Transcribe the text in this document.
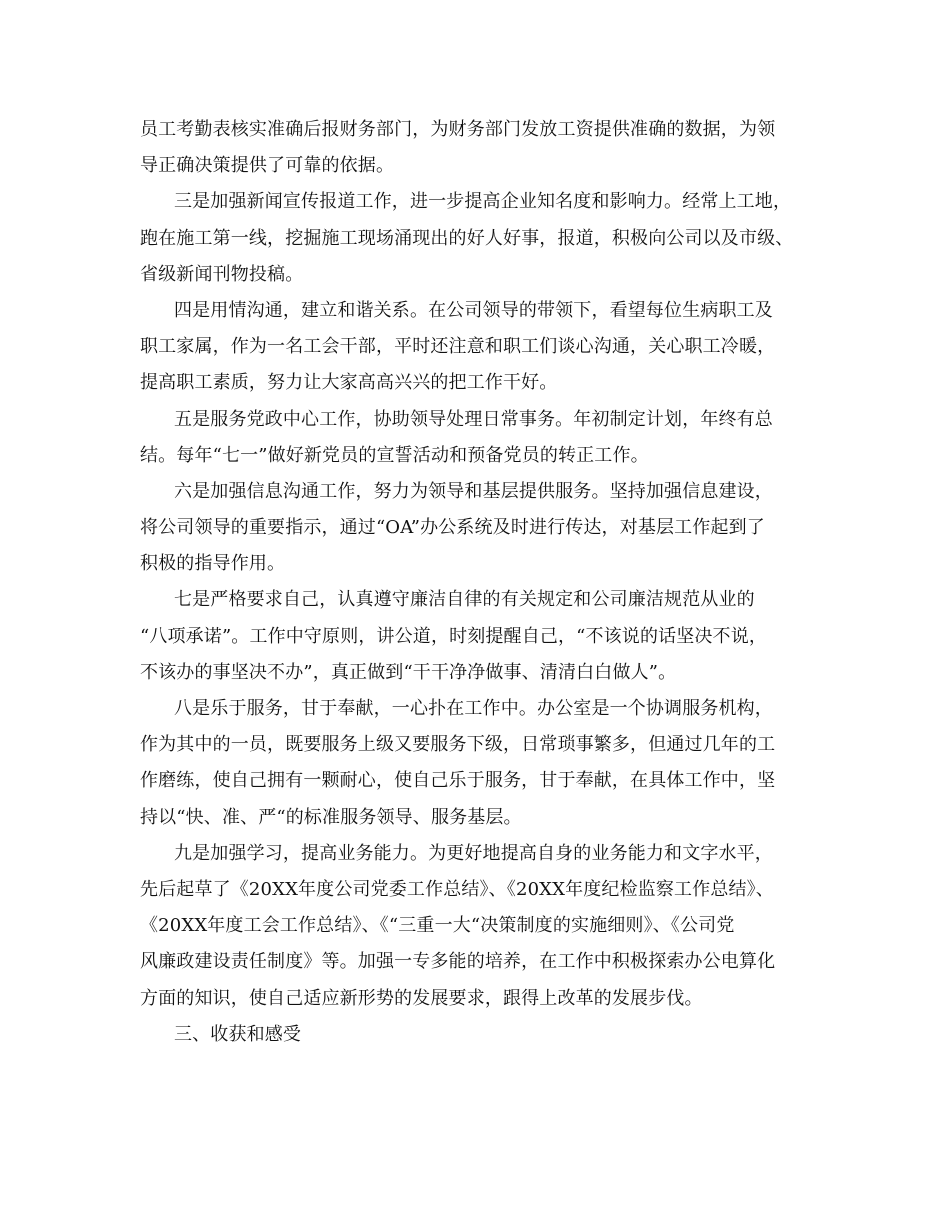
员工考勤表核实准确后报财务部门，为财务部门发放工资提供准确的数据，为领
导正确决策提供了可靠的依据。
三是加强新闻宣传报道工作，进一步提高企业知名度和影响力。经常上工地，
跑在施工第一线，挖掘施工现场涌现出的好人好事，报道，积极向公司以及市级、
省级新闻刊物投稿。
四是用情沟通，建立和谐关系。在公司领导的带领下，看望每位生病职工及
职工家属，作为一名工会干部，平时还注意和职工们谈心沟通，关心职工冷暖，
提高职工素质，努力让大家高高兴兴的把工作干好。
五是服务党政中心工作，协助领导处理日常事务。年初制定计划，年终有总
结。每年“七一”做好新党员的宣誓活动和预备党员的转正工作。
六是加强信息沟通工作，努力为领导和基层提供服务。坚持加强信息建设，
将公司领导的重要指示，通过“OA”办公系统及时进行传达，对基层工作起到了
积极的指导作用。
七是严格要求自己，认真遵守廉洁自律的有关规定和公司廉洁规范从业的
“八项承诺”。工作中守原则，讲公道，时刻提醒自己，“不该说的话坚决不说，
不该办的事坚决不办”，真正做到“干干净净做事、清清白白做人”。
八是乐于服务，甘于奉献，一心扑在工作中。办公室是一个协调服务机构，
作为其中的一员，既要服务上级又要服务下级，日常琐事繁多，但通过几年的工
作磨练，使自己拥有一颗耐心，使自己乐于服务，甘于奉献，在具体工作中，坚
持以“快、准、严“的标准服务领导、服务基层。
九是加强学习，提高业务能力。为更好地提高自身的业务能力和文字水平，
先后起草了《20XX年度公司党委工作总结》、《20XX年度纪检监察工作总结》、
《20XX年度工会工作总结》、《“三重一大“决策制度的实施细则》、《公司党
风廉政建设责任制度》等。加强一专多能的培养，在工作中积极探索办公电算化
方面的知识，使自己适应新形势的发展要求，跟得上改革的发展步伐。
三、收获和感受
